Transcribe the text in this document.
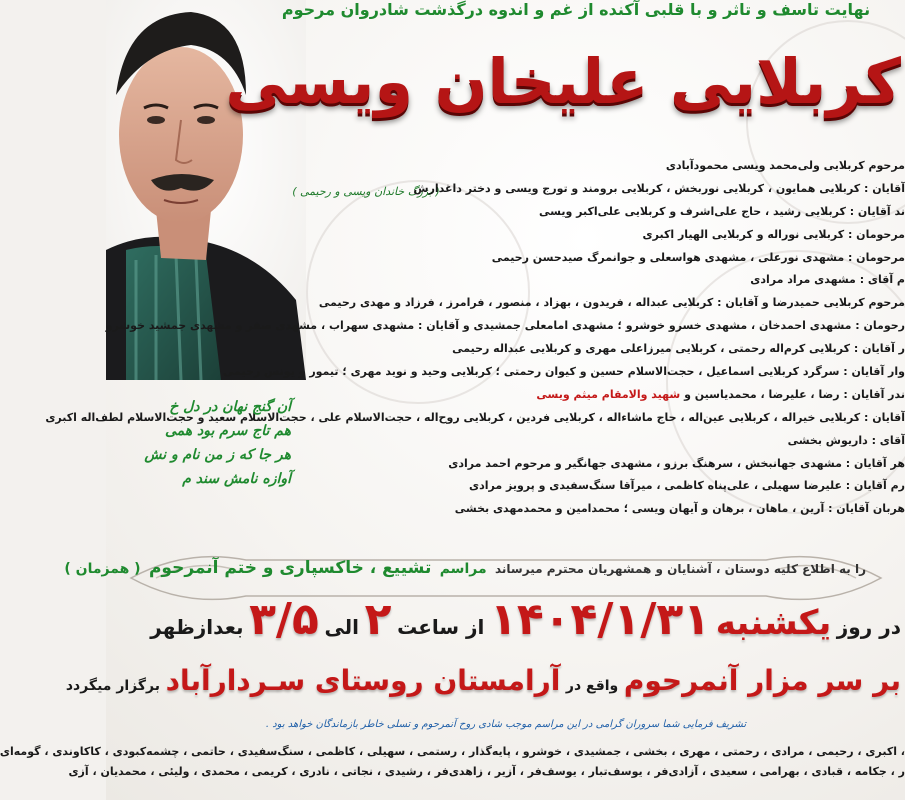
نهایت تاسف و تاثر و با قلبی آکنده از غم و اندوه درگذشت شادروان مرحوم
کربلایی علیخان ویسی
( بزرگ خاندان ویسی و رحیمی )
مرحوم کربلایی ولی‌محمد ویسی محمودآبادی
آقایان : کربلایی همایون ، کربلایی نوربخش ، کربلایی برومند و تورج ویسی و دختر داغدارش
ند آقایان : کربلایی رشید ، حاج علی‌اشرف و کربلایی علی‌اکبر ویسی
مرحومان : کربلایی نوراله و کربلایی الهیار اکبری
مرحومان : مشهدی نورعلی ، مشهدی هواسعلی و جوانمرگ صیدحسن رحیمی
م آقای : مشهدی مراد مرادی
مرحوم کربلایی حمیدرضا و آقایان : کربلایی عبداله ، فریدون ، بهزاد ، منصور ، فرامرز ، فرزاد و مهدی رحیمی
رحومان : مشهدی احمدخان ، مشهدی خسرو خوشرو ؛ مشهدی امامعلی جمشیدی و آقایان : مشهدی سهراب ، مشهدی صفر و مشهدی جمشید خوشرو
ر آقایان : کربلایی کرم‌اله رحمتی ، کربلایی میرزاعلی مهری و کربلایی عبداله رحیمی
وار آقایان : سرگرد کربلایی اسماعیل ، حجت‌الاسلام حسین و کیوان رحمتی ؛ کربلایی وحید و نوید مهری ؛ تیمور و یونس رحیمی
ندر آقایان : رضا ، علیرضا ، محمدیاسین و شهید والامقام میثم ویسی
آقایان : کربلایی خیراله ، کربلایی عین‌اله ، حاج ماشاءاله ، کربلایی فردین ، کربلایی روح‌اله ، حجت‌الاسلام علی ، حجت‌الاسلام سعید و حجت‌الاسلام لطف‌اله اکبری
آقای : داریوش بخشی
هر آقایان : مشهدی جهانبخش ، سرهنگ برزو ، مشهدی جهانگیر و مرحوم احمد مرادی
رم آقایان : علیرضا سهیلی ، علی‌پناه کاظمی ، میرآقا سنگ‌سفیدی و پرویز مرادی
هربان آقایان : آرین ، ماهان ، برهان و آیهان ویسی ؛ محمدامین و محمدمهدی بخشی
آن گنج نهان در دل خ
هم تاج سرم بود همی
هر جا که ز من نام و نش
آوازه نامش سند م
را به اطلاع کلیه دوستان ، آشنایان و همشهریان محترم میرساند  مراسم  تشییع ، خاکسپاری و ختم آنمرحوم  ( همزمان )
در روز یکشنبه ۱۴۰۴/۱/۳۱ از ساعت ۲ الی ۳/۵ بعدازظهر
بر سر مزار آنمرحوم واقع در آرامستان روستای سـردارآباد برگزار میگردد
تشریف فرمایی شما سروران گرامی در این مراسم موجب شادی روح آنمرحوم و تسلی خاطر بازماندگان خواهد بود .
، اکبری ، رحیمی ، مرادی ، رحمتی ، مهری ، بخشی ، جمشیدی ، خوشرو ، پایه‌گذار ، رستمی ، سهیلی ، کاظمی ، سنگ‌سفیدی ، حاتمی ، چشمه‌کبودی ، کاکاوندی ، گومه‌ای
ر ، جکامه ، قبادی ، بهرامی ، سعیدی ، آزادی‌فر ، یوسف‌تبار ، یوسف‌فر ، آزیر ، زاهدی‌فر ، رشیدی ، نجاتی ، نادری ، کریمی ، محمدی ، ولیئی ، محمدیان ، آزی
